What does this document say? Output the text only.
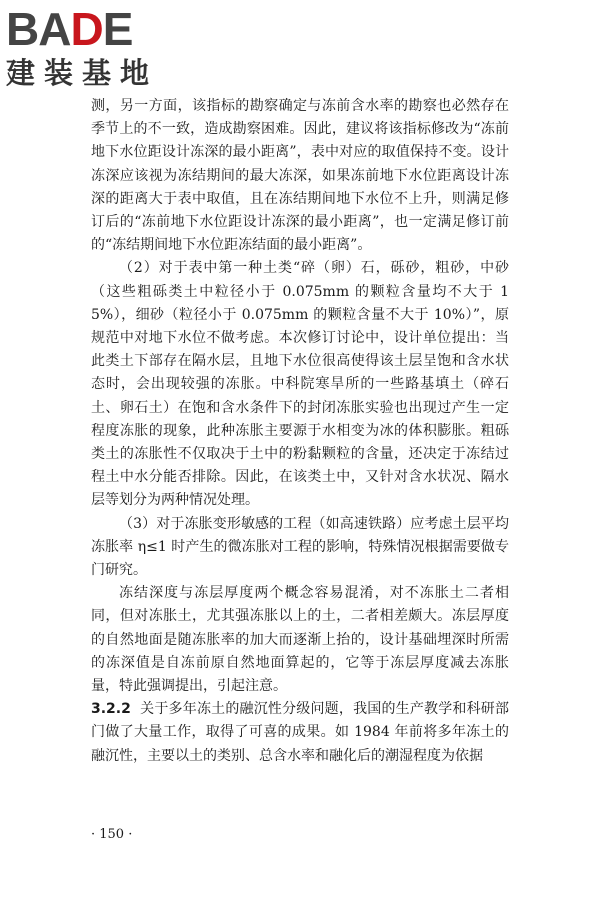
BADE
建装基地

测，另一方面，该指标的勘察确定与冻前含水率的勘察也必然存在季节上的不一致，造成勘察困难。因此，建议将该指标修改为“冻前地下水位距设计冻深的最小距离”，表中对应的取值保持不变。设计冻深应该视为冻结期间的最大冻深，如果冻前地下水位距离设计冻深的距离大于表中取值，且在冻结期间地下水位不上升，则满足修订后的“冻前地下水位距设计冻深的最小距离”，也一定满足修订前的“冻结期间地下水位距冻结面的最小距离”。

（2）对于表中第一种土类“碎（卵）石，砾砂，粗砂，中砂（这些粗砾类土中粒径小于 0.075mm 的颗粒含量均不大于 15%），细砂（粒径小于 0.075mm 的颗粒含量不大于 10%）”，原规范中对地下水位不做考虑。本次修订讨论中，设计单位提出：当此类土下部存在隔水层，且地下水位很高使得该土层呈饱和含水状态时，会出现较强的冻胀。中科院寒旱所的一些路基填土（碎石土、卵石土）在饱和含水条件下的封闭冻胀实验也出现过产生一定程度冻胀的现象，此种冻胀主要源于水相变为冰的体积膨胀。粗砾类土的冻胀性不仅取决于土中的粉黏颗粒的含量，还决定于冻结过程土中水分能否排除。因此，在该类土中，又针对含水状况、隔水层等划分为两种情况处理。

（3）对于冻胀变形敏感的工程（如高速铁路）应考虑土层平均冻胀率 η≤1 时产生的微冻胀对工程的影响，特殊情况根据需要做专门研究。

冻结深度与冻层厚度两个概念容易混淆，对不冻胀土二者相同，但对冻胀土，尤其强冻胀以上的土，二者相差颇大。冻层厚度的自然地面是随冻胀率的加大而逐渐上抬的，设计基础埋深时所需的冻深值是自冻前原自然地面算起的，它等于冻层厚度减去冻胀量，特此强调提出，引起注意。

3.2.2 关于多年冻土的融沉性分级问题，我国的生产教学和科研部门做了大量工作，取得了可喜的成果。如 1984 年前将多年冻土的融沉性，主要以土的类别、总含水率和融化后的潮湿程度为依据

· 150 ·
